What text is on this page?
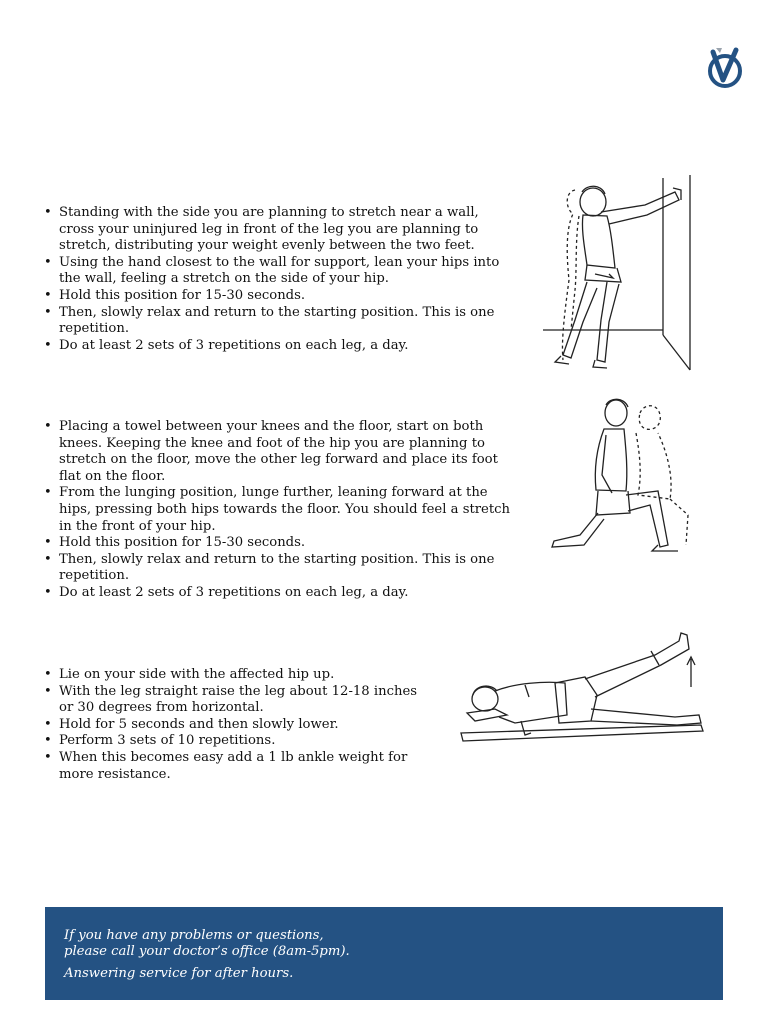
• Standing with the side you are planning to stretch near a wall, cross your uninjured leg in front of the leg you are planning to stretch, distributing your weight evenly between the two feet.
• Using the hand closest to the wall for support, lean your hips into the wall, feeling a stretch on the side of your hip.
• Hold this position for 15-30 seconds.
• Then, slowly relax and return to the starting position. This is one repetition.
• Do at least 2 sets of 3 repetitions on each leg, a day.
• Placing a towel between your knees and the floor, start on both knees. Keeping the knee and foot of the hip you are planning to stretch on the floor, move the other leg forward and place its foot flat on the floor.
• From the lunging position, lunge further, leaning forward at the hips, pressing both hips towards the floor. You should feel a stretch in the front of your hip.
• Hold this position for 15-30 seconds.
• Then, slowly relax and return to the starting position. This is one repetition.
• Do at least 2 sets of 3 repetitions on each leg, a day.
• Lie on your side with the affected hip up.
• With the leg straight raise the leg about 12-18 inches or 30 degrees from horizontal.
• Hold for 5 seconds and then slowly lower.
• Perform 3 sets of 10 repetitions.
• When this becomes easy add a 1 lb ankle weight for more resistance.
If you have any problems or questions,
please call your doctor’s office (8am-5pm).
Answering service for after hours.
